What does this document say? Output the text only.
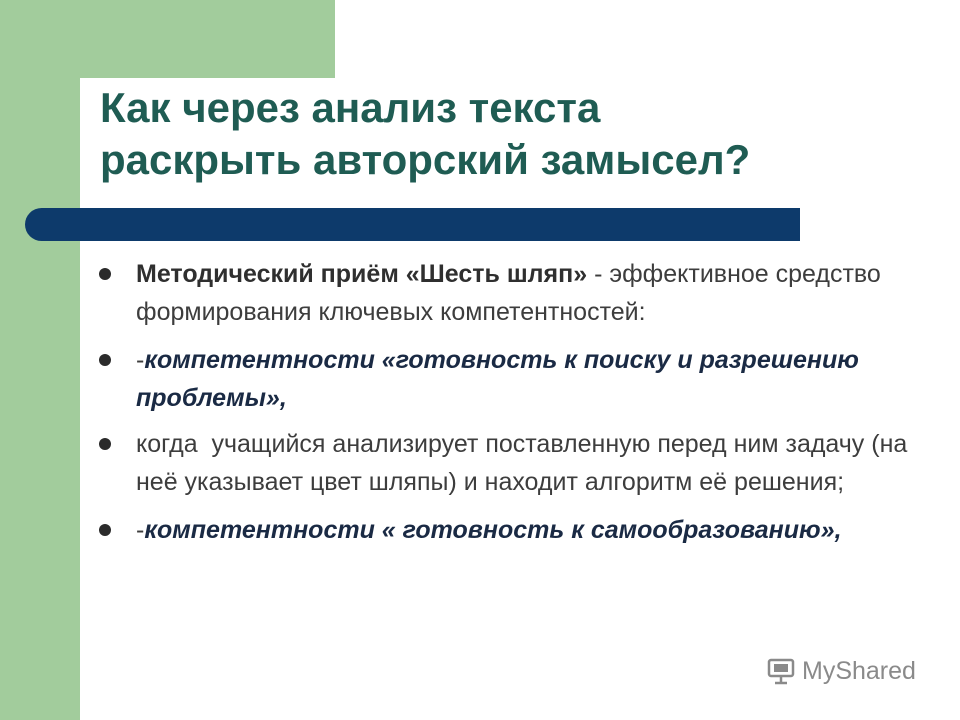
Как через анализ текста
раскрыть авторский замысел?
Методический приём «Шесть шляп» - эффективное средство формирования ключевых компетентностей:
-компетентности «готовность к поиску и разрешению проблемы»,
когда  учащийся анализирует поставленную перед ним задачу (на неё указывает цвет шляпы) и находит алгоритм её решения;
-компетентности « готовность к самообразованию»,
MyShared
